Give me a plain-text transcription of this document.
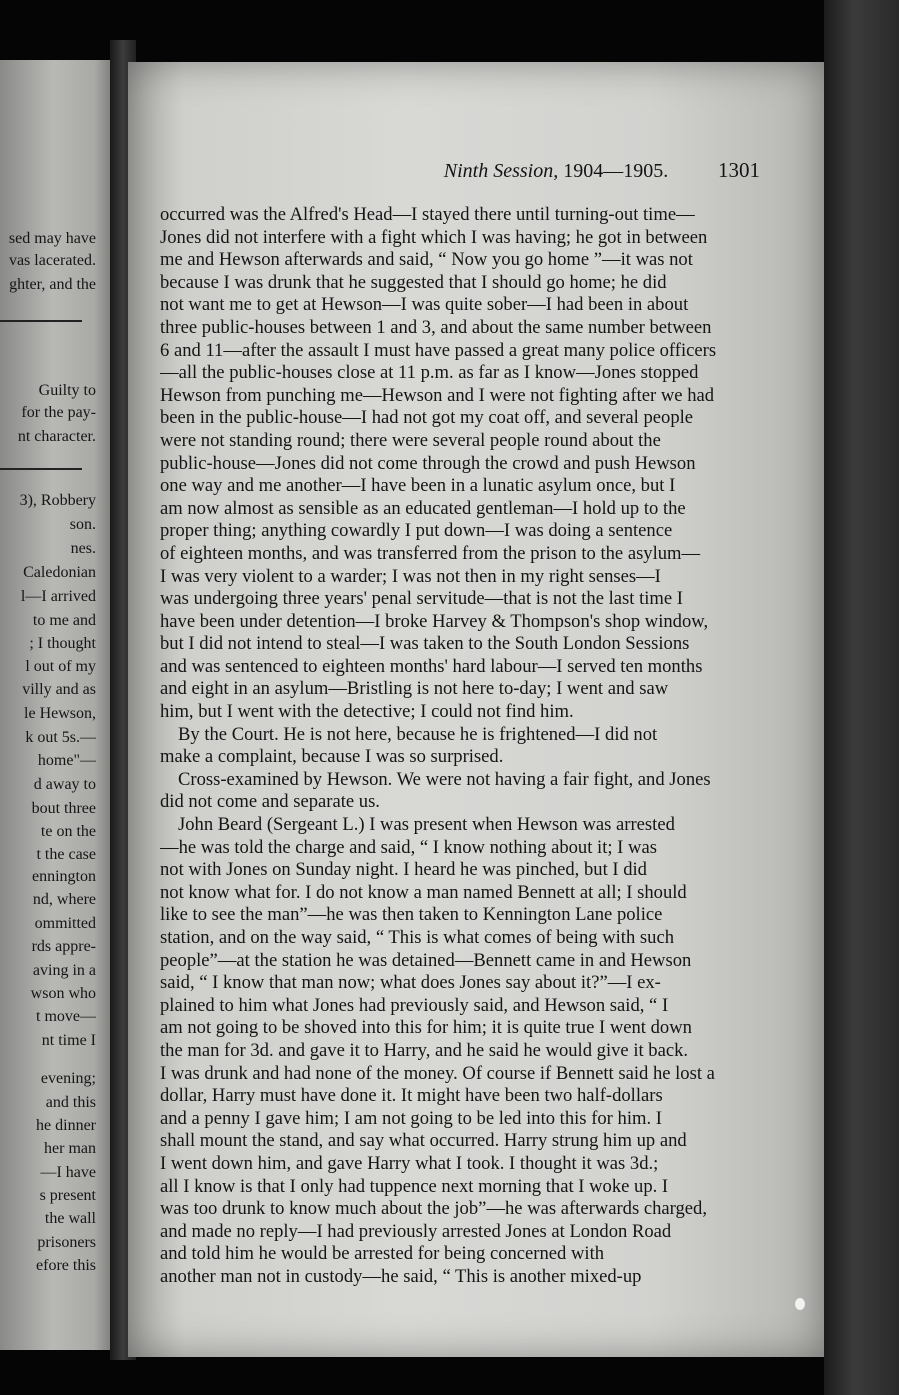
sed may have
vas lacerated.
ghter, and the
Guilty to
for the pay-
nt character.
3), Robbery
son.
nes.
Caledonian
l—I arrived
to me and
; I thought
l out of my
villy and as
le Hewson,
k out 5s.—
home"—
d away to
bout three
te on the
t the case
ennington
nd, where
ommitted
rds appre-
aving in a
wson who
t move—
nt time I
evening;
and this
he dinner
her man
—I have
s present
the wall
prisoners
efore this
Ninth Session, 1904—1905.	1301
occurred was the Alfred's Head—I stayed there until turning-out time—
Jones did not interfere with a fight which I was having; he got in between
me and Hewson afterwards and said, “ Now you go home ”—it was not
because I was drunk that he suggested that I should go home; he did
not want me to get at Hewson—I was quite sober—I had been in about
three public-houses between 1 and 3, and about the same number between
6 and 11—after the assault I must have passed a great many police officers
—all the public-houses close at 11 p.m. as far as I know—Jones stopped
Hewson from punching me—Hewson and I were not fighting after we had
been in the public-house—I had not got my coat off, and several people
were not standing round; there were several people round about the
public-house—Jones did not come through the crowd and push Hewson
one way and me another—I have been in a lunatic asylum once, but I
am now almost as sensible as an educated gentleman—I hold up to the
proper thing; anything cowardly I put down—I was doing a sentence
of eighteen months, and was transferred from the prison to the asylum—
I was very violent to a warder; I was not then in my right senses—I
was undergoing three years' penal servitude—that is not the last time I
have been under detention—I broke Harvey & Thompson's shop window,
but I did not intend to steal—I was taken to the South London Sessions
and was sentenced to eighteen months' hard labour—I served ten months
and eight in an asylum—Bristling is not here to-day; I went and saw
him, but I went with the detective; I could not find him.
By the Court. He is not here, because he is frightened—I did not
make a complaint, because I was so surprised.
Cross-examined by Hewson. We were not having a fair fight, and Jones
did not come and separate us.
John Beard (Sergeant L.) I was present when Hewson was arrested
—he was told the charge and said, “ I know nothing about it; I was
not with Jones on Sunday night. I heard he was pinched, but I did
not know what for. I do not know a man named Bennett at all; I should
like to see the man”—he was then taken to Kennington Lane police
station, and on the way said, “ This is what comes of being with such
people”—at the station he was detained—Bennett came in and Hewson
said, “ I know that man now; what does Jones say about it?”—I ex-
plained to him what Jones had previously said, and Hewson said, “ I
am not going to be shoved into this for him; it is quite true I went down
the man for 3d. and gave it to Harry, and he said he would give it back.
I was drunk and had none of the money. Of course if Bennett said he lost a
dollar, Harry must have done it. It might have been two half-dollars
and a penny I gave him; I am not going to be led into this for him. I
shall mount the stand, and say what occurred. Harry strung him up and
I went down him, and gave Harry what I took. I thought it was 3d.;
all I know is that I only had tuppence next morning that I woke up. I
was too drunk to know much about the job”—he was afterwards charged,
and made no reply—I had previously arrested Jones at London Road
and told him he would be arrested for being concerned with
another man not in custody—he said, “ This is another mixed-up
